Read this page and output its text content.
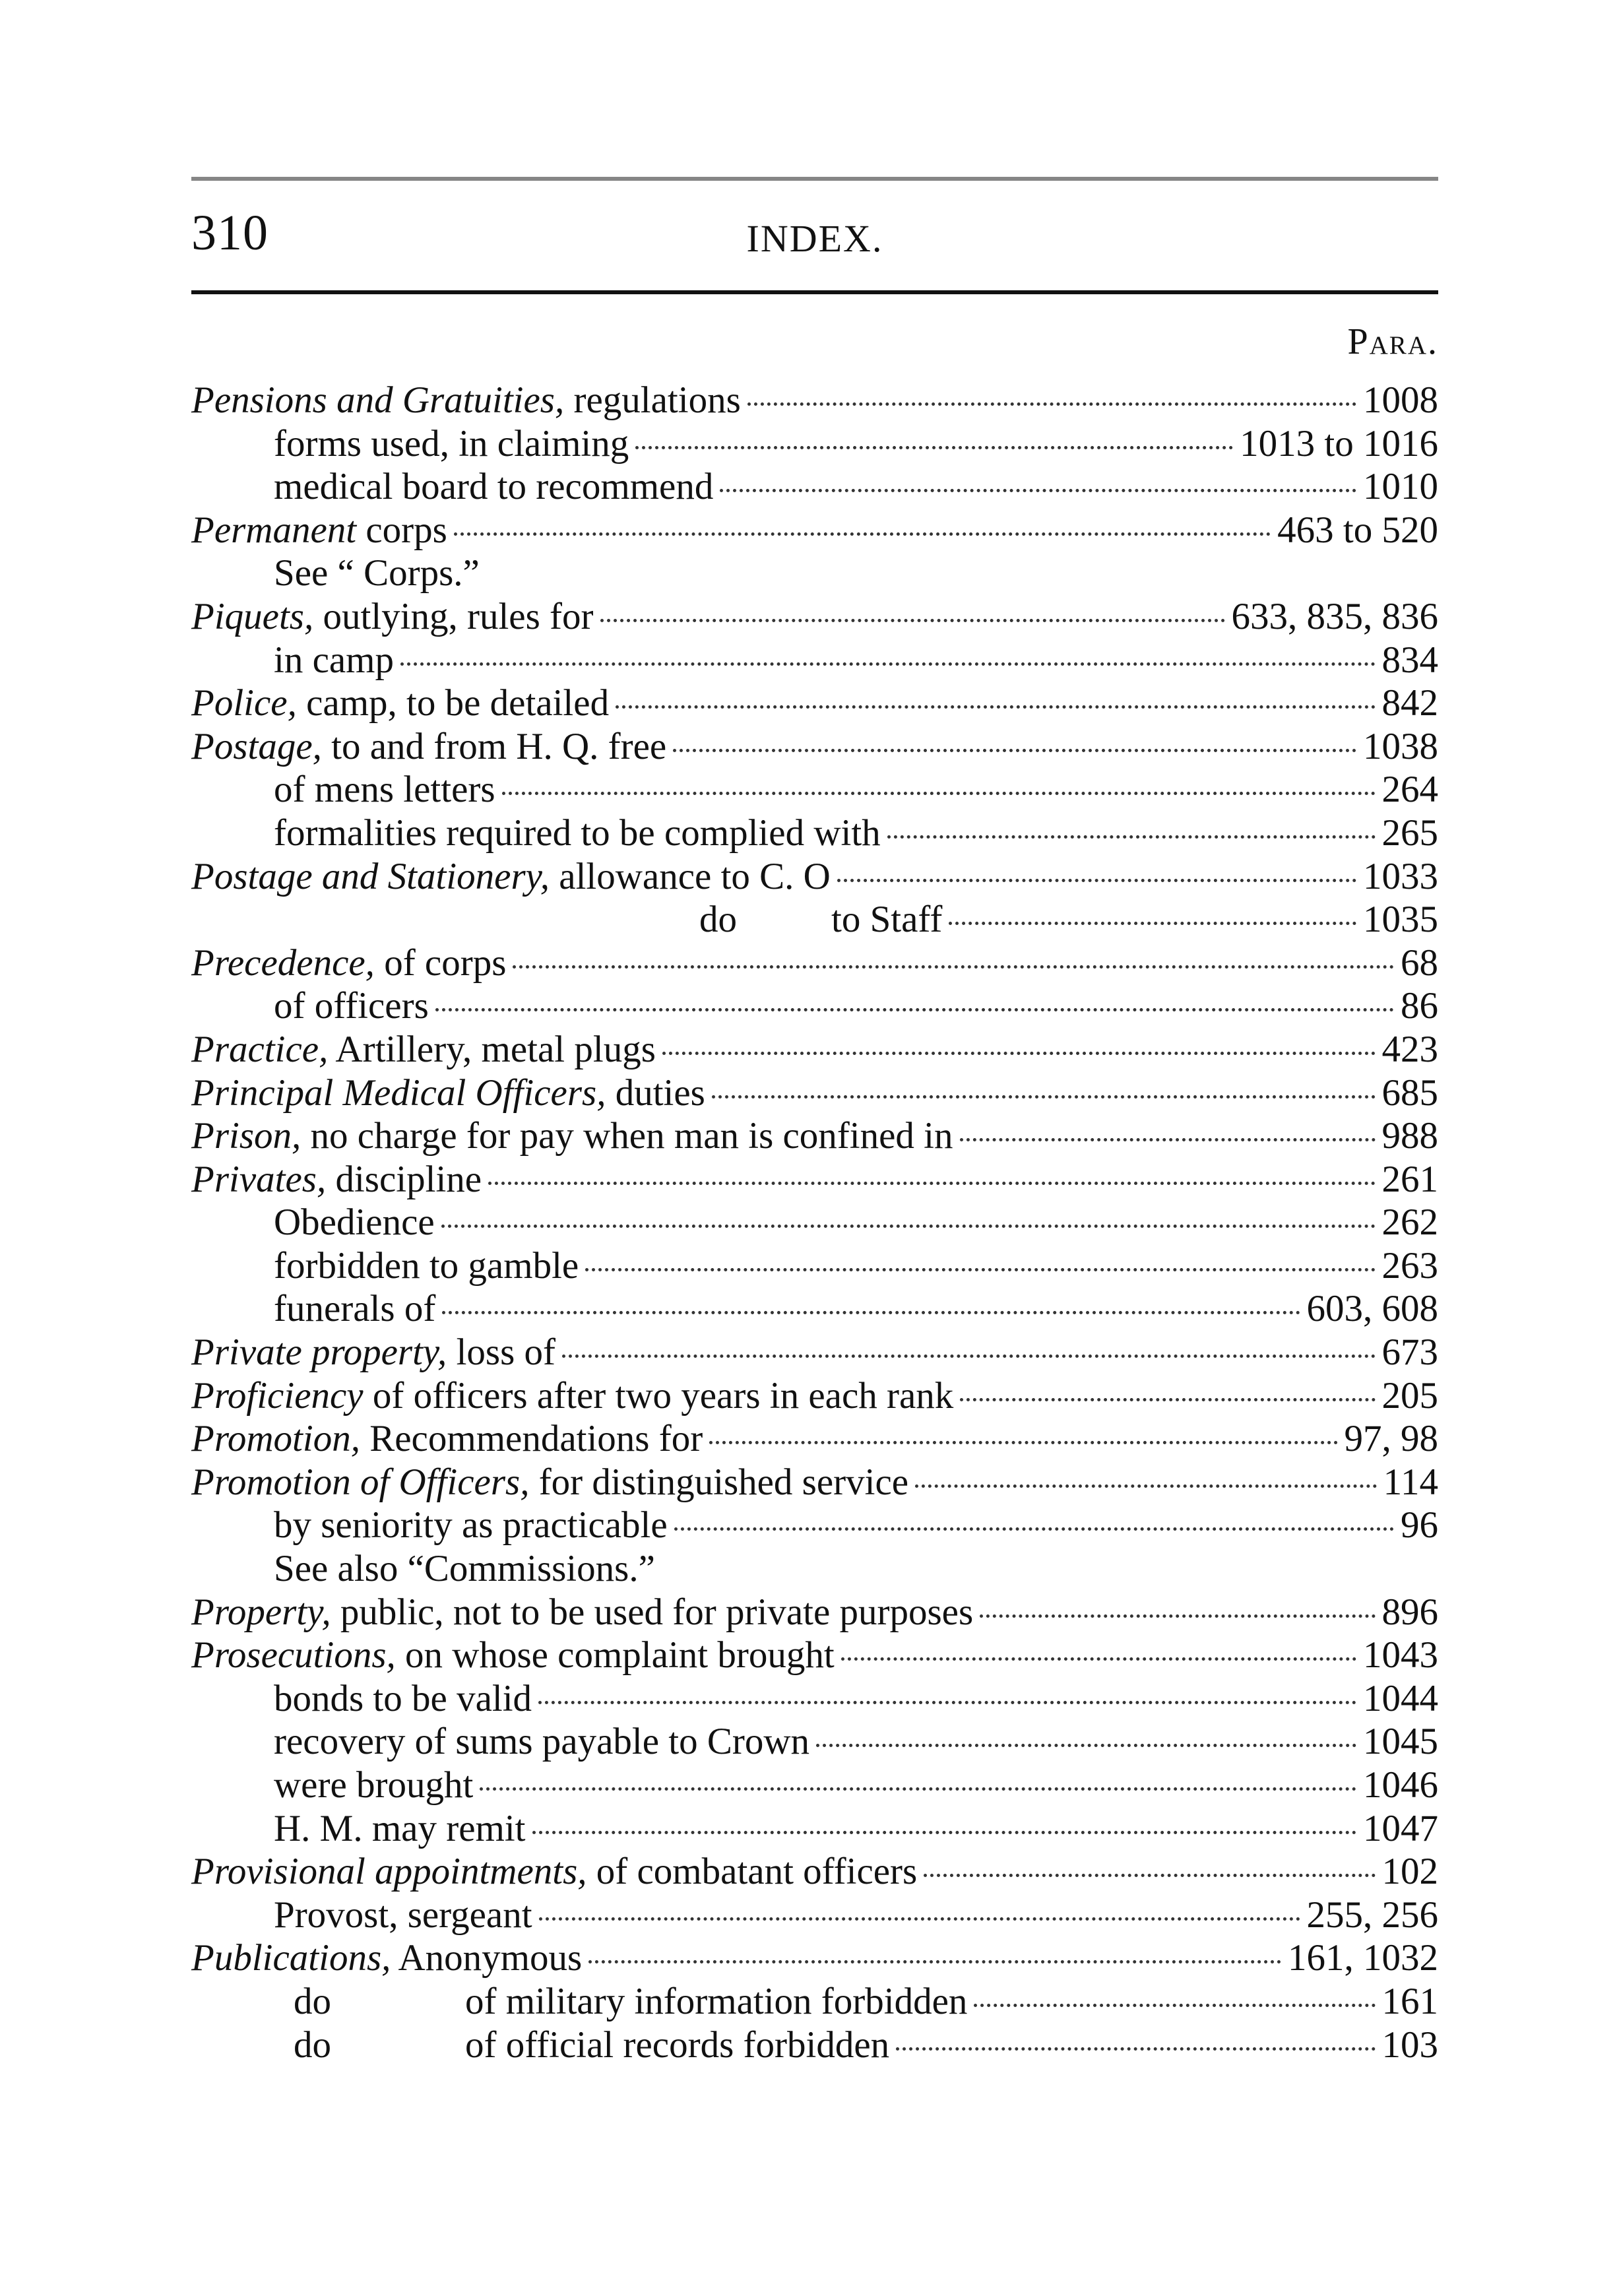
310	INDEX.
Para.
Pensions and Gratuities, regulations	1008
forms used, in claiming	1013 to 1016
medical board to recommend	1010
Permanent corps	463 to 520
See “ Corps.”
Piquets, outlying, rules for	633, 835, 836
in camp	834
Police, camp, to be detailed	842
Postage, to and from H. Q. free	1038
of mens letters	264
formalities required to be complied with	265
Postage and Stationery, allowance to C. O	1033
do	to Staff	1035
Precedence, of corps	68
of officers	86
Practice, Artillery, metal plugs	423
Principal Medical Officers, duties	685
Prison, no charge for pay when man is confined in	988
Privates, discipline	261
Obedience	262
forbidden to gamble	263
funerals of	603, 608
Private property, loss of	673
Proficiency of officers after two years in each rank	205
Promotion, Recommendations for	97, 98
Promotion of Officers, for distinguished service	114
by seniority as practicable	96
See also “Commissions.”
Property, public, not to be used for private purposes	896
Prosecutions, on whose complaint brought	1043
bonds to be valid	1044
recovery of sums payable to Crown	1045
were brought	1046
H. M. may remit	1047
Provisional appointments, of combatant officers	102
Provost, sergeant	255, 256
Publications, Anonymous	161, 1032
do	of military information forbidden	161
do	of official records forbidden	103
